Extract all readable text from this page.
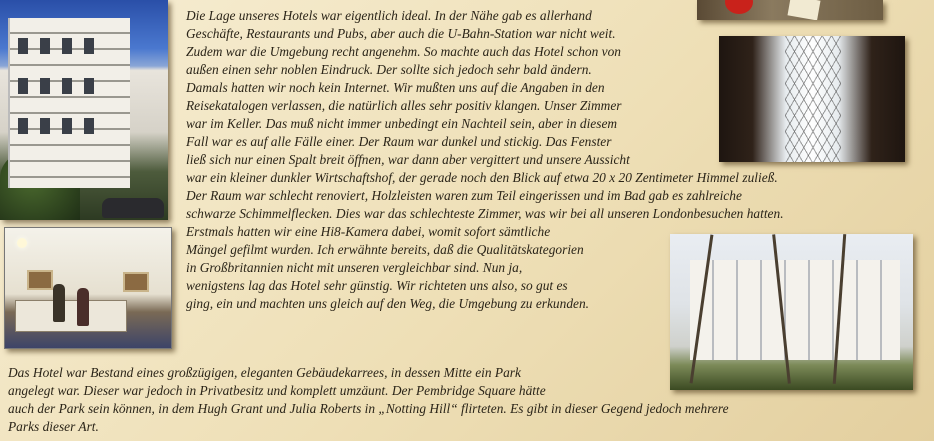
Die Lage unseres Hotels war eigentlich ideal. In der Nähe gab es allerhand
Geschäfte, Restaurants und Pubs, aber auch die U-Bahn-Station war nicht weit.
Zudem war die Umgebung recht angenehm. So machte auch das Hotel schon von
außen einen sehr noblen Eindruck. Der sollte sich jedoch sehr bald ändern.
Damals hatten wir noch kein Internet. Wir mußten uns auf die Angaben in den
Reisekatalogen verlassen, die natürlich alles sehr positiv klangen. Unser Zimmer
war im Keller. Das muß nicht immer unbedingt ein Nachteil sein, aber in diesem
Fall war es auf alle Fälle einer. Der Raum war dunkel und stickig. Das Fenster
ließ sich nur einen Spalt breit öffnen, war dann aber vergittert und unsere Aussicht
war ein kleiner dunkler Wirtschaftshof, der gerade noch den Blick auf etwa 20 x 20 Zentimeter Himmel zuließ.
Der Raum war schlecht renoviert, Holzleisten waren zum Teil eingerissen und im Bad gab es zahlreiche
schwarze Schimmelflecken. Dies war das schlechteste Zimmer, was wir bei all unseren Londonbesuchen hatten.
Erstmals hatten wir eine Hi8-Kamera dabei, womit sofort sämtliche
Mängel gefilmt wurden. Ich erwähnte bereits, daß die Qualitätskategorien
in Großbritannien nicht mit unseren vergleichbar sind. Nun ja,
wenigstens lag das Hotel sehr günstig. Wir richteten uns also, so gut es
ging, ein und machten uns gleich auf den Weg, die Umgebung zu erkunden.
Das Hotel war Bestand eines großzügigen, eleganten Gebäudekarrees, in dessen Mitte ein Park
angelegt war. Dieser war jedoch in Privatbesitz und komplett umzäunt. Der Pembridge Square hätte
auch der Park sein können, in dem Hugh Grant und Julia Roberts in „Notting Hill“ flirteten. Es gibt in dieser Gegend jedoch mehrere
Parks dieser Art.
